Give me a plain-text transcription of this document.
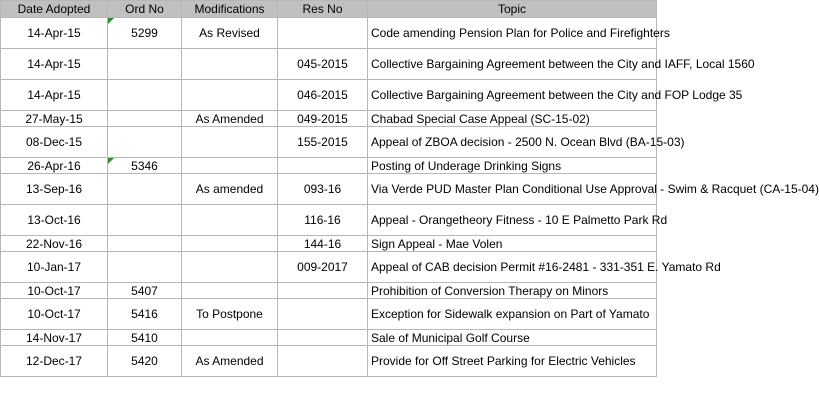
Date Adopted	Ord No	Modifications	Res No	Topic
14-Apr-15	5299	As Revised		Code amending Pension Plan for Police and Firefighters
14-Apr-15			045-2015	Collective Bargaining Agreement between the City and IAFF, Local 1560
14-Apr-15			046-2015	Collective Bargaining Agreement between the City and FOP Lodge 35
27-May-15		As Amended	049-2015	Chabad Special Case Appeal (SC-15-02)
08-Dec-15			155-2015	Appeal of ZBOA decision - 2500 N. Ocean Blvd (BA-15-03)
26-Apr-16	5346			Posting of Underage Drinking Signs
13-Sep-16		As amended	093-16	Via Verde PUD Master Plan Conditional Use Approval - Swim & Racquet (CA-15-04)
13-Oct-16			116-16	Appeal - Orangetheory Fitness - 10 E Palmetto Park Rd
22-Nov-16			144-16	Sign Appeal - Mae Volen
10-Jan-17			009-2017	Appeal of CAB decision Permit #16-2481 - 331-351 E. Yamato Rd
10-Oct-17	5407			Prohibition of Conversion Therapy on Minors
10-Oct-17	5416	To Postpone		Exception for Sidewalk expansion on Part of Yamato
14-Nov-17	5410			Sale of Municipal Golf Course
12-Dec-17	5420	As Amended		Provide for Off Street Parking for Electric Vehicles
